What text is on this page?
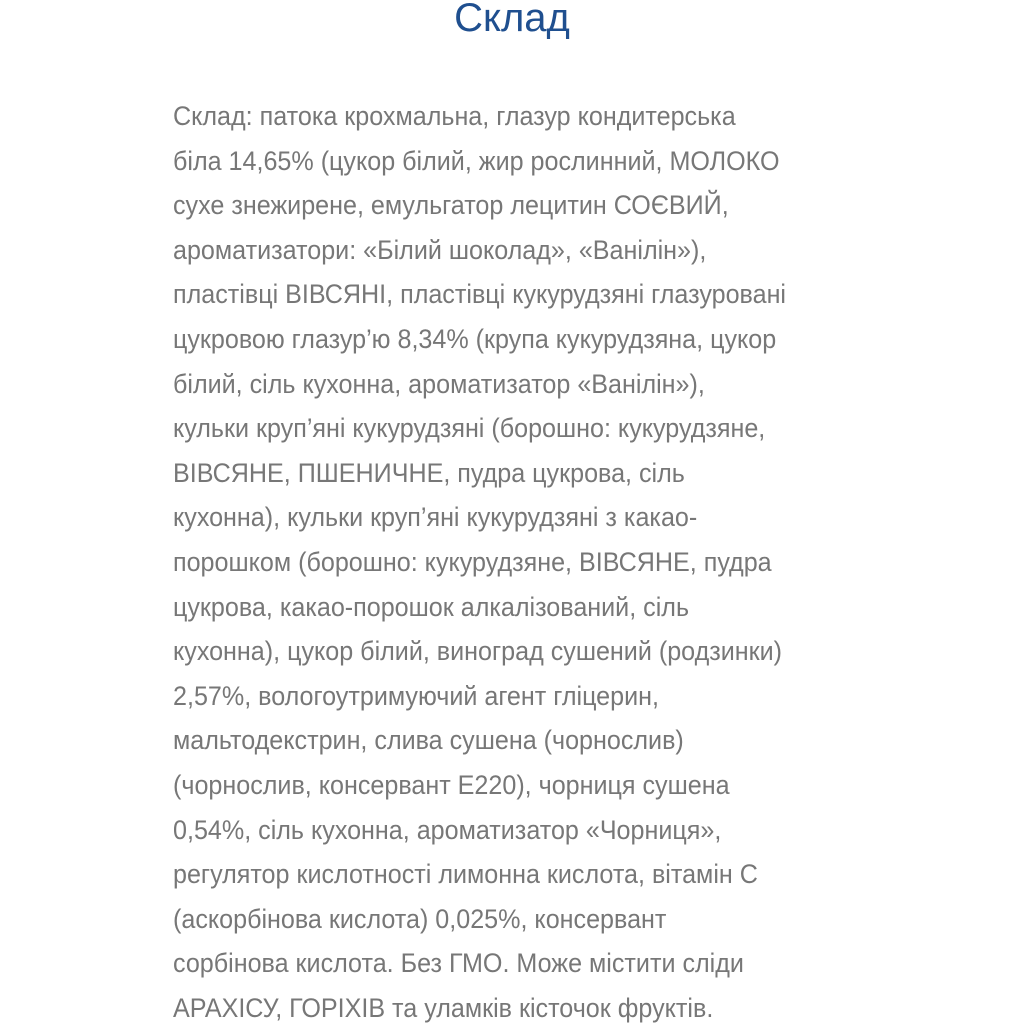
Склад
Склад: патока крохмальна, глазур кондитерська
біла 14,65% (цукор білий, жир рослинний, МОЛОКО
сухе знежирене, емульгатор лецитин СОЄВИЙ,
ароматизатори: «Білий шоколад», «Ванілін»),
пластівці ВІВСЯНІ, пластівці кукурудзяні глазуровані
цукровою глазур’ю 8,34% (крупа кукурудзяна, цукор
білий, сіль кухонна, ароматизатор «Ванілін»),
кульки круп’яні кукурудзяні (борошно: кукурудзяне,
ВІВСЯНЕ, ПШЕНИЧНЕ, пудра цукрова, сіль
кухонна), кульки круп’яні кукурудзяні з какао-
порошком (борошно: кукурудзяне, ВІВСЯНЕ, пудра
цукрова, какао-порошок алкалізований, сіль
кухонна), цукор білий, виноград сушений (родзинки)
2,57%, вологоутримуючий агент гліцерин,
мальтодекстрин, слива сушена (чорнослив)
(чорнослив, консервант Е220), чорниця сушена
0,54%, сіль кухонна, ароматизатор «Чорниця»,
регулятор кислотності лимонна кислота, вітамін С
(аскорбінова кислота) 0,025%, консервант
сорбінова кислота. Без ГМО. Може містити сліди
АРАХІСУ, ГОРІХІВ та уламків кісточок фруктів.
